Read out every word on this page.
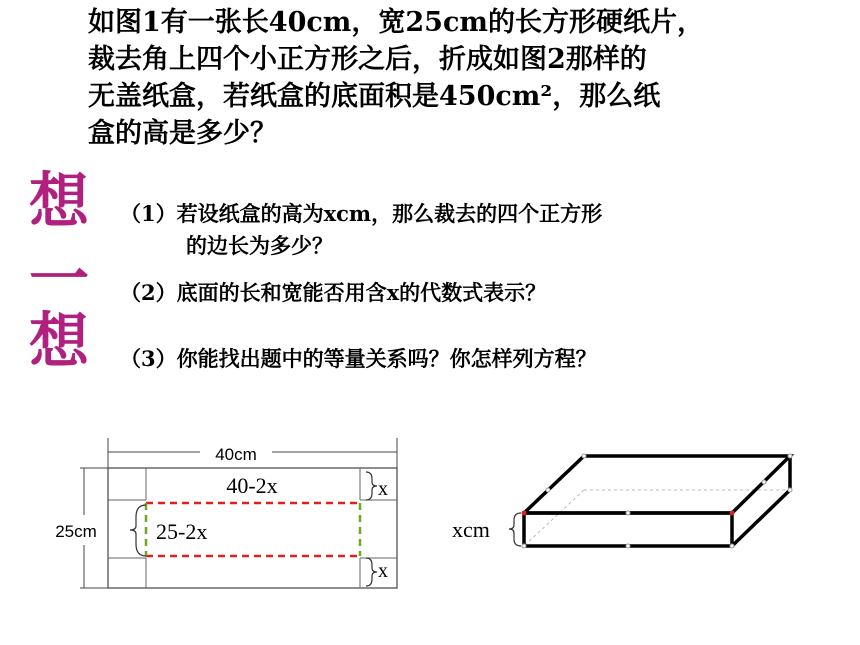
如图1有一张长40cm，宽25cm的长方形硬纸片，
裁去角上四个小正方形之后，折成如图2那样的
无盖纸盒，若纸盒的底面积是450cm²，那么纸
盒的高是多少？
想
一
想
（1）若设纸盒的高为xcm，那么裁去的四个正方形
的边长为多少？
（2）底面的长和宽能否用含x的代数式表示？
（3）你能找出题中的等量关系吗？你怎样列方程？
40cm
25cm
40-2x
25-2x
x
x
xcm
